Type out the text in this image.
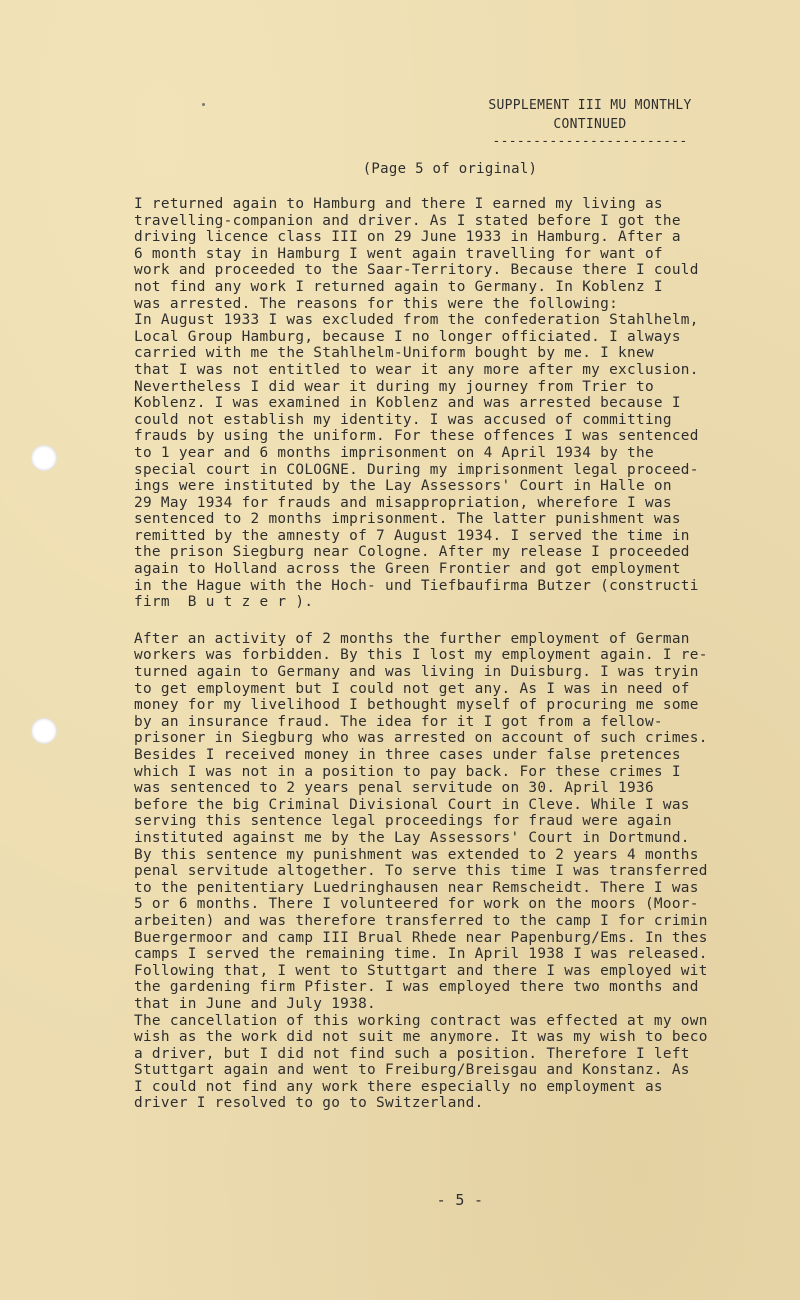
SUPPLEMENT III MU MONTHLY
CONTINUED
------------------------
(Page 5 of original)
I returned again to Hamburg and there I earned my living as
travelling-companion and driver. As I stated before I got the
driving licence class III on 29 June 1933 in Hamburg. After a
6 month stay in Hamburg I went again travelling for want of
work and proceeded to the Saar-Territory. Because there I could
not find any work I returned again to Germany. In Koblenz I
was arrested. The reasons for this were the following:
In August 1933 I was excluded from the confederation Stahlhelm,
Local Group Hamburg, because I no longer officiated. I always
carried with me the Stahlhelm-Uniform bought by me. I knew
that I was not entitled to wear it any more after my exclusion.
Nevertheless I did wear it during my journey from Trier to
Koblenz. I was examined in Koblenz and was arrested because I
could not establish my identity. I was accused of committing
frauds by using the uniform. For these offences I was sentenced
to 1 year and 6 months imprisonment on 4 April 1934 by the
special court in COLOGNE. During my imprisonment legal proceed-
ings were instituted by the Lay Assessors' Court in Halle on
29 May 1934 for frauds and misappropriation, wherefore I was
sentenced to 2 months imprisonment. The latter punishment was
remitted by the amnesty of 7 August 1934. I served the time in
the prison Siegburg near Cologne. After my release I proceeded
again to Holland across the Green Frontier and got employment
in the Hague with the Hoch- und Tiefbaufirma Butzer (constructi
firm  B u t z e r ).
After an activity of 2 months the further employment of German
workers was forbidden. By this I lost my employment again. I re-
turned again to Germany and was living in Duisburg. I was tryin
to get employment but I could not get any. As I was in need of
money for my livelihood I bethought myself of procuring me some
by an insurance fraud. The idea for it I got from a fellow-
prisoner in Siegburg who was arrested on account of such crimes.
Besides I received money in three cases under false pretences
which I was not in a position to pay back. For these crimes I
was sentenced to 2 years penal servitude on 30. April 1936
before the big Criminal Divisional Court in Cleve. While I was
serving this sentence legal proceedings for fraud were again
instituted against me by the Lay Assessors' Court in Dortmund.
By this sentence my punishment was extended to 2 years 4 months
penal servitude altogether. To serve this time I was transferred
to the penitentiary Luedringhausen near Remscheidt. There I was
5 or 6 months. There I volunteered for work on the moors (Moor-
arbeiten) and was therefore transferred to the camp I for crimin
Buergermoor and camp III Brual Rhede near Papenburg/Ems. In thes
camps I served the remaining time. In April 1938 I was released.
Following that, I went to Stuttgart and there I was employed wit
the gardening firm Pfister. I was employed there two months and
that in June and July 1938.
The cancellation of this working contract was effected at my own
wish as the work did not suit me anymore. It was my wish to beco
a driver, but I did not find such a position. Therefore I left
Stuttgart again and went to Freiburg/Breisgau and Konstanz. As
I could not find any work there especially no employment as
driver I resolved to go to Switzerland.
- 5 -
